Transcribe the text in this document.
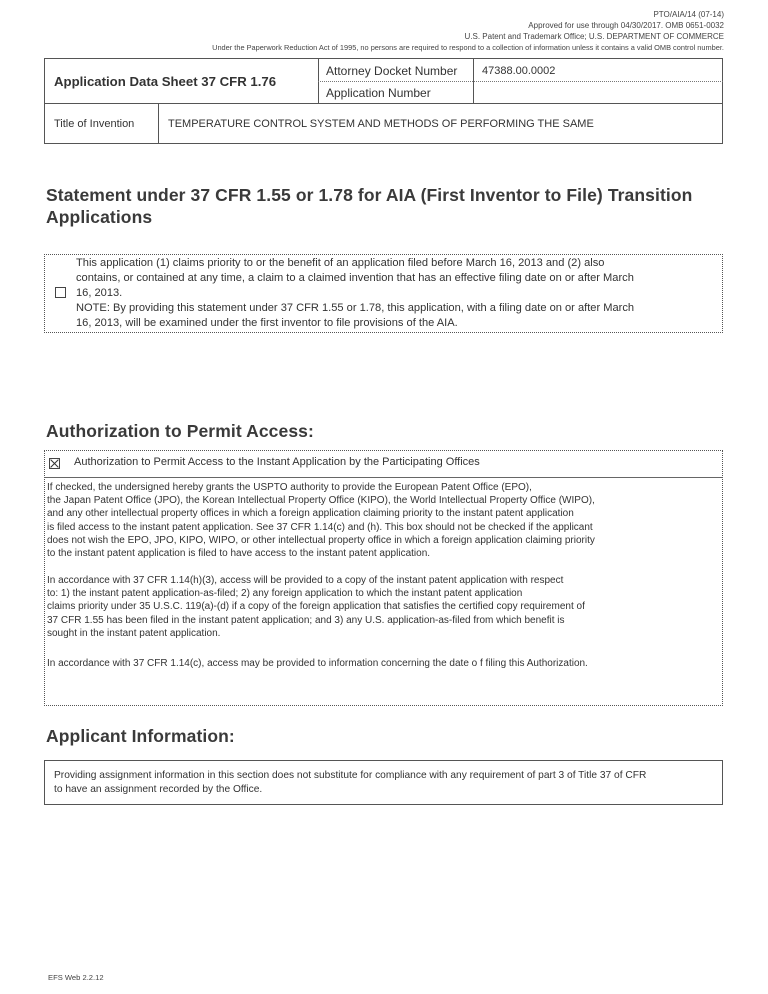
PTO/AIA/14 (07-14)
Approved for use through 04/30/2017. OMB 0651-0032
U.S. Patent and Trademark Office; U.S. DEPARTMENT OF COMMERCE
Under the Paperwork Reduction Act of 1995, no persons are required to respond to a collection of information unless it contains a valid OMB control number.
Application Data Sheet 37 CFR 1.76
Attorney Docket Number 47388.00.0002
Application Number
Title of Invention	TEMPERATURE CONTROL SYSTEM AND METHODS OF PERFORMING THE SAME
Statement under 37 CFR 1.55 or 1.78 for AIA (First Inventor to File) Transition
Applications
This application (1) claims priority to or the benefit of an application filed before March 16, 2013 and (2) also
contains, or contained at any time, a claim to a claimed invention that has an effective filing date on or after March
16, 2013.
NOTE: By providing this statement under 37 CFR 1.55 or 1.78, this application, with a filing date on or after March
16, 2013, will be examined under the first inventor to file provisions of the AIA.
Authorization to Permit Access:
Authorization to Permit Access to the Instant Application by the Participating Offices
If checked, the undersigned hereby grants the USPTO authority to provide the European Patent Office (EPO),
the Japan Patent Office (JPO), the Korean Intellectual Property Office (KIPO), the World Intellectual Property Office (WIPO),
and any other intellectual property offices in which a foreign application claiming priority to the instant patent application
is filed access to the instant patent application. See 37 CFR 1.14(c) and (h). This box should not be checked if the applicant
does not wish the EPO, JPO, KIPO, WIPO, or other intellectual property office in which a foreign application claiming priority
to the instant patent application is filed to have access to the instant patent application.
In accordance with 37 CFR 1.14(h)(3), access will be provided to a copy of the instant patent application with respect
to: 1) the instant patent application-as-filed; 2) any foreign application to which the instant patent application
claims priority under 35 U.S.C. 119(a)-(d) if a copy of the foreign application that satisfies the certified copy requirement of
37 CFR 1.55 has been filed in the instant patent application; and 3) any U.S. application-as-filed from which benefit is
sought in the instant patent application.
In accordance with 37 CFR 1.14(c), access may be provided to information concerning the date o f filing this Authorization.
Applicant Information:
Providing assignment information in this section does not substitute for compliance with any requirement of part 3 of Title 37 of CFR
to have an assignment recorded by the Office.
EFS Web 2.2.12
